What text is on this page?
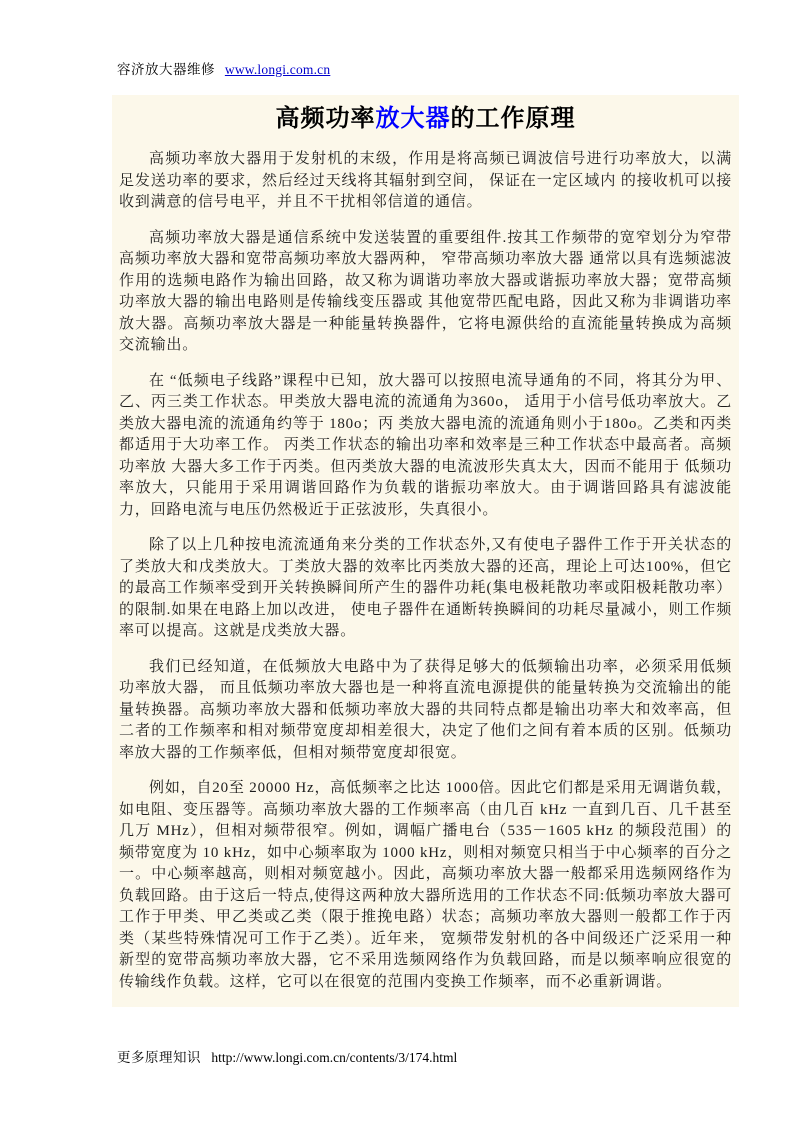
容济放大器维修 www.longi.com.cn
高频功率放大器的工作原理

高频功率放大器用于发射机的末级，作用是将高频已调波信号进行功率放大，以满足发送功率的要求，然后经过天线将其辐射到空间， 保证在一定区域内 的接收机可以接收到满意的信号电平，并且不干扰相邻信道的通信。

高频功率放大器是通信系统中发送装置的重要组件.按其工作频带的宽窄划分为窄带高频功率放大器和宽带高频功率放大器两种， 窄带高频功率放大器 通常以具有选频滤波作用的选频电路作为输出回路，故又称为调谐功率放大器或谐振功率放大器；宽带高频功率放大器的输出电路则是传输线变压器或 其他宽带匹配电路，因此又称为非调谐功率放大器。高频功率放大器是一种能量转换器件，它将电源供给的直流能量转换成为高频交流输出。

在 “低频电子线路”课程中已知，放大器可以按照电流导通角的不同，将其分为甲、乙、丙三类工作状态。甲类放大器电流的流通角为360o， 适用于小信号低功率放大。乙类放大器电流的流通角约等于 180o；丙 类放大器电流的流通角则小于180o。乙类和丙类都适用于大功率工作。 丙类工作状态的输出功率和效率是三种工作状态中最高者。高频功率放 大器大多工作于丙类。但丙类放大器的电流波形失真太大，因而不能用于 低频功率放大，只能用于采用调谐回路作为负载的谐振功率放大。由于调谐回路具有滤波能力，回路电流与电压仍然极近于正弦波形，失真很小。

除了以上几种按电流流通角来分类的工作状态外,又有使电子器件工作于开关状态的了类放大和戊类放大。丁类放大器的效率比丙类放大器的还高，理论上可达100%，但它的最高工作频率受到开关转换瞬间所产生的器件功耗(集电极耗散功率或阳极耗散功率）的限制.如果在电路上加以改进， 使电子器件在通断转换瞬间的功耗尽量减小，则工作频率可以提高。这就是戊类放大器。

我们已经知道，在低频放大电路中为了获得足够大的低频输出功率，必须采用低频功率放大器， 而且低频功率放大器也是一种将直流电源提供的能量转换为交流输出的能量转换器。高频功率放大器和低频功率放大器的共同特点都是输出功率大和效率高，但二者的工作频率和相对频带宽度却相差很大，决定了他们之间有着本质的区别。低频功率放大器的工作频率低，但相对频带宽度却很宽。

例如，自20至 20000 Hz，高低频率之比达 1000倍。因此它们都是采用无调谐负载，如电阻、变压器等。高频功率放大器的工作频率高（由几百 kHz 一直到几百、几千甚至几万 MHz），但相对频带很窄。例如，调幅广播电台（535－1605 kHz 的频段范围）的频带宽度为 10 kHz，如中心频率取为 1000 kHz，则相对频宽只相当于中心频率的百分之一。中心频率越高，则相对频宽越小。因此，高频功率放大器一般都采用选频网络作为负载回路。由于这后一特点,使得这两种放大器所选用的工作状态不同:低频功率放大器可工作于甲类、甲乙类或乙类（限于推挽电路）状态；高频功率放大器则一般都工作于丙类（某些特殊情况可工作于乙类）。近年来， 宽频带发射机的各中间级还广泛采用一种新型的宽带高频功率放大器，它不采用选频网络作为负载回路，而是以频率响应很宽的传输线作负载。这样，它可以在很宽的范围内变换工作频率，而不必重新调谐。

更多原理知识 http://www.longi.com.cn/contents/3/174.html
